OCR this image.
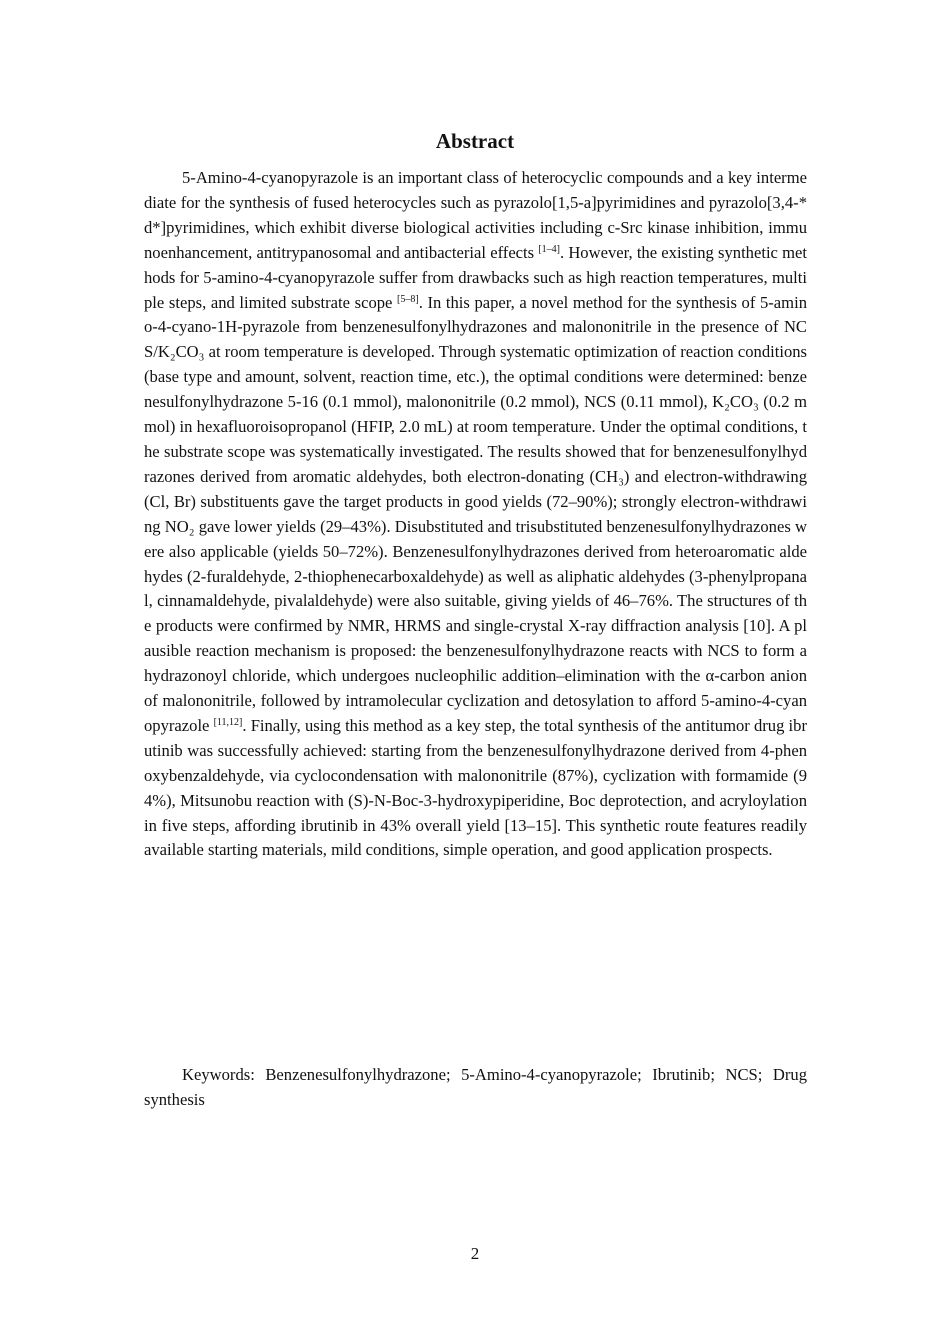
Abstract

5-Amino-4-cyanopyrazole is an important class of heterocyclic compounds and a key intermediate for the synthesis of fused heterocycles such as pyrazolo[1,5-a]pyrimidines and pyrazolo[3,4-*d*]pyrimidines, which exhibit diverse biological activities including c-Src kinase inhibition, immunoenhancement, antitrypanosomal and antibacterial effects [1–4]. However, the existing synthetic methods for 5-amino-4-cyanopyrazole suffer from drawbacks such as high reaction temperatures, multiple steps, and limited substrate scope [5–8]. In this paper, a novel method for the synthesis of 5-amino-4-cyano-1H-pyrazole from benzenesulfonylhydrazones and malononitrile in the presence of NCS/K₂CO₃ at room temperature is developed. Through systematic optimization of reaction conditions (base type and amount, solvent, reaction time, etc.), the optimal conditions were determined: benzenesulfonylhydrazone 5-16 (0.1 mmol), malononitrile (0.2 mmol), NCS (0.11 mmol), K₂CO₃ (0.2 mmol) in hexafluoroisopropanol (HFIP, 2.0 mL) at room temperature. Under the optimal conditions, the substrate scope was systematically investigated. The results showed that for benzenesulfonylhydrazones derived from aromatic aldehydes, both electron-donating (CH₃) and electron-withdrawing (Cl, Br) substituents gave the target products in good yields (72–90%); strongly electron-withdrawing NO₂ gave lower yields (29–43%). Disubstituted and trisubstituted benzenesulfonylhydrazones were also applicable (yields 50–72%). Benzenesulfonylhydrazones derived from heteroaromatic aldehydes (2-furaldehyde, 2-thiophenecarboxaldehyde) as well as aliphatic aldehydes (3-phenylpropanal, cinnamaldehyde, pivalaldehyde) were also suitable, giving yields of 46–76%. The structures of the products were confirmed by NMR, HRMS and single-crystal X-ray diffraction analysis [10]. A plausible reaction mechanism is proposed: the benzenesulfonylhydrazone reacts with NCS to form a hydrazonoyl chloride, which undergoes nucleophilic addition–elimination with the α-carbon anion of malononitrile, followed by intramolecular cyclization and detosylation to afford 5-amino-4-cyanopyrazole [11,12]. Finally, using this method as a key step, the total synthesis of the antitumor drug ibrutinib was successfully achieved: starting from the benzenesulfonylhydrazone derived from 4-phenoxybenzaldehyde, via cyclocondensation with malononitrile (87%), cyclization with formamide (94%), Mitsunobu reaction with (S)-N-Boc-3-hydroxypiperidine, Boc deprotection, and acryloylation in five steps, affording ibrutinib in 43% overall yield [13–15]. This synthetic route features readily available starting materials, mild conditions, simple operation, and good application prospects.

Keywords: Benzenesulfonylhydrazone; 5-Amino-4-cyanopyrazole; Ibrutinib; NCS; Drug synthesis

2
